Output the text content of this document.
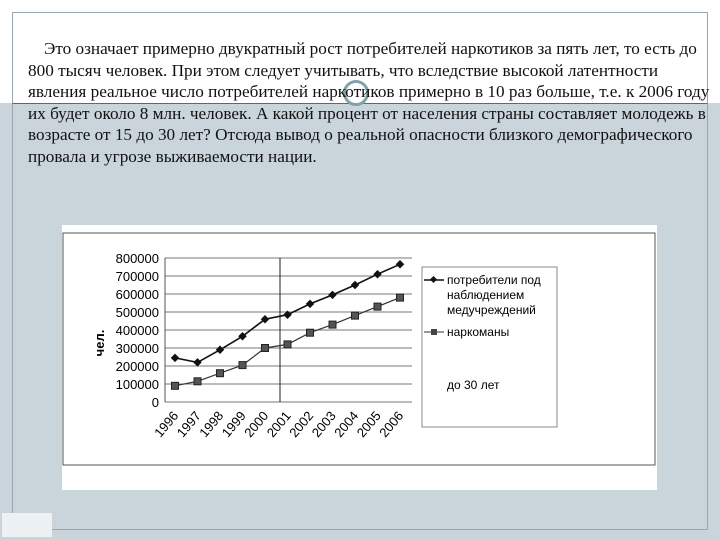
Это означает примерно двукратный рост потребителей наркотиков за пять лет, то есть до 800 тысяч человек. При этом следует учитывать, что вследствие высокой латентности явления реальное число потребителей наркотиков примерно в 10 раз больше, т.е. к 2006 году их будет около 8 млн. человек. А какой процент от населения страны составляет молодежь в возрасте от 15 до 30 лет? Отсюда вывод о реальной опасности близкого демографического провала и угрозе выживаемости нации.
0
100000
200000
300000
400000
500000
600000
700000
800000
1996
1997
1998
1999
2000
2001
2002
2003
2004
2005
2006
чел.
потребители под
наблюдением
медучреждений
наркоманы
до 30 лет
